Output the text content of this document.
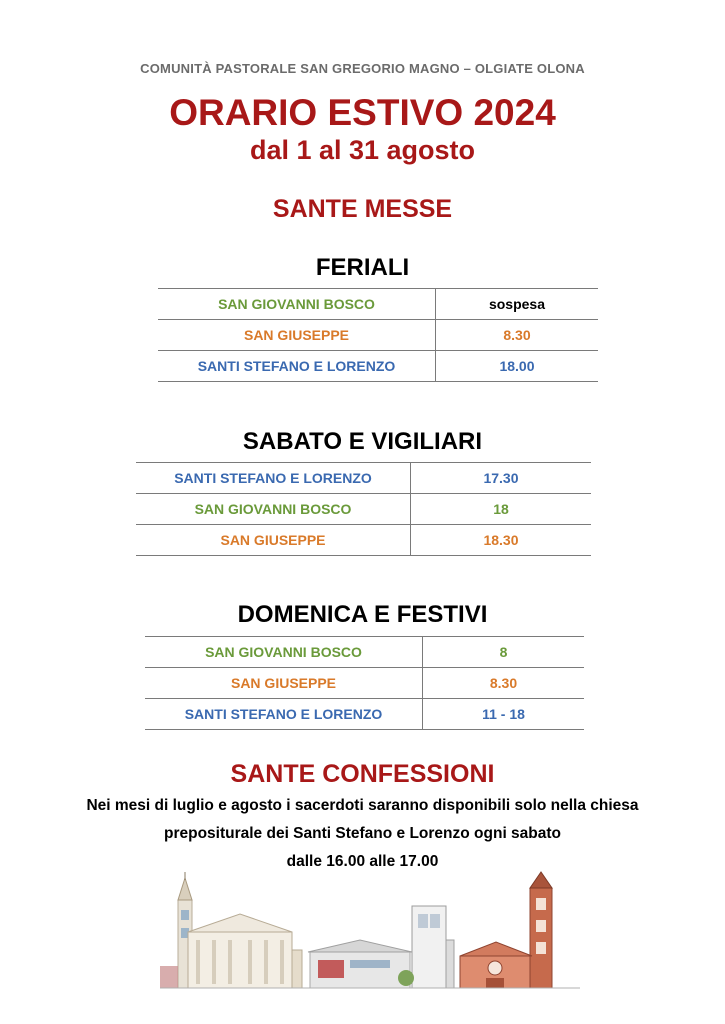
COMUNITÀ PASTORALE SAN GREGORIO MAGNO – OLGIATE OLONA
ORARIO ESTIVO 2024
dal 1 al 31 agosto
SANTE MESSE
FERIALI
SAN GIOVANNI BOSCO	sospesa
SAN GIUSEPPE	8.30
SANTI STEFANO E LORENZO	18.00
SABATO E VIGILIARI
SANTI STEFANO E LORENZO	17.30
SAN GIOVANNI BOSCO	18
SAN GIUSEPPE	18.30
DOMENICA E FESTIVI
SAN GIOVANNI BOSCO	8
SAN GIUSEPPE	8.30
SANTI STEFANO E LORENZO	11 - 18
SANTE CONFESSIONI
Nei mesi di luglio e agosto i sacerdoti saranno disponibili solo nella chiesa
prepositurale dei Santi Stefano e Lorenzo ogni sabato
dalle 16.00 alle 17.00
